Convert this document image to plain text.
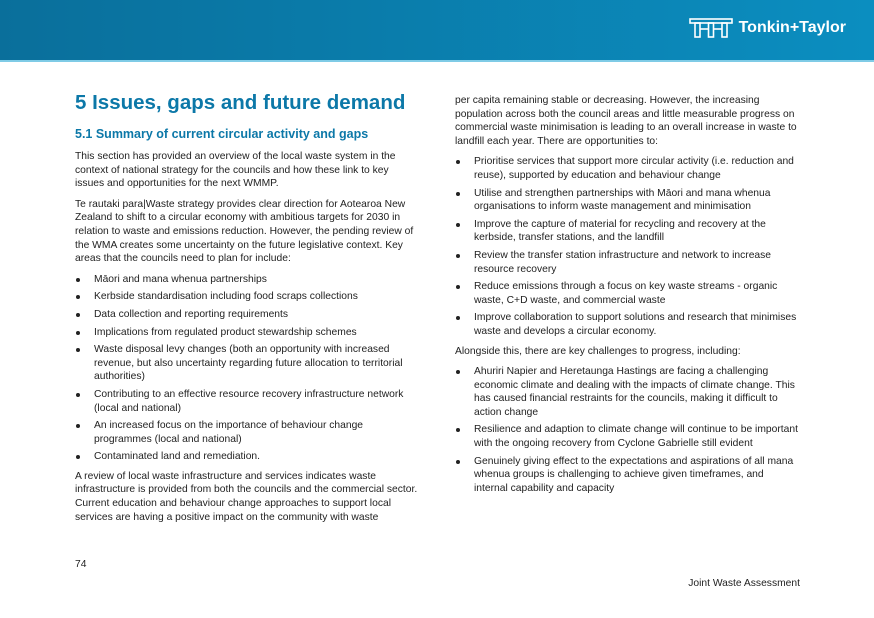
Tonkin+Taylor
5 Issues, gaps and future demand
5.1 Summary of current circular activity and gaps

This section has provided an overview of the local waste system in the context of national strategy for the councils and how these link to key issues and opportunities for the next WMMP.

Te rautaki para|Waste strategy provides clear direction for Aotearoa New Zealand to shift to a circular economy with ambitious targets for 2030 in relation to waste and emissions reduction. However, the pending review of the WMA creates some uncertainty on the future legislative context. Key areas that the councils need to plan for include:

Māori and mana whenua partnerships
Kerbside standardisation including food scraps collections
Data collection and reporting requirements
Implications from regulated product stewardship schemes
Waste disposal levy changes (both an opportunity with increased revenue, but also uncertainty regarding future allocation to territorial authorities)
Contributing to an effective resource recovery infrastructure network (local and national)
An increased focus on the importance of behaviour change programmes (local and national)
Contaminated land and remediation.

A review of local waste infrastructure and services indicates waste infrastructure is provided from both the councils and the commercial sector. Current education and behaviour change approaches to support local services are having a positive impact on the community with waste

per capita remaining stable or decreasing. However, the increasing population across both the council areas and little measurable progress on commercial waste minimisation is leading to an overall increase in waste to landfill each year. There are opportunities to:

Prioritise services that support more circular activity (i.e. reduction and reuse), supported by education and behaviour change
Utilise and strengthen partnerships with Māori and mana whenua organisations to inform waste management and minimisation
Improve the capture of material for recycling and recovery at the kerbside, transfer stations, and the landfill
Review the transfer station infrastructure and network to increase resource recovery
Reduce emissions through a focus on key waste streams - organic waste, C+D waste, and commercial waste
Improve collaboration to support solutions and research that minimises waste and develops a circular economy.

Alongside this, there are key challenges to progress, including:

Ahuriri Napier and Heretaunga Hastings are facing a challenging economic climate and dealing with the impacts of climate change. This has caused financial restraints for the councils, making it difficult to action change
Resilience and adaption to climate change will continue to be important with the ongoing recovery from Cyclone Gabrielle still evident
Genuinely giving effect to the expectations and aspirations of all mana whenua groups is challenging to achieve given timeframes, and internal capability and capacity
74
Joint Waste Assessment
